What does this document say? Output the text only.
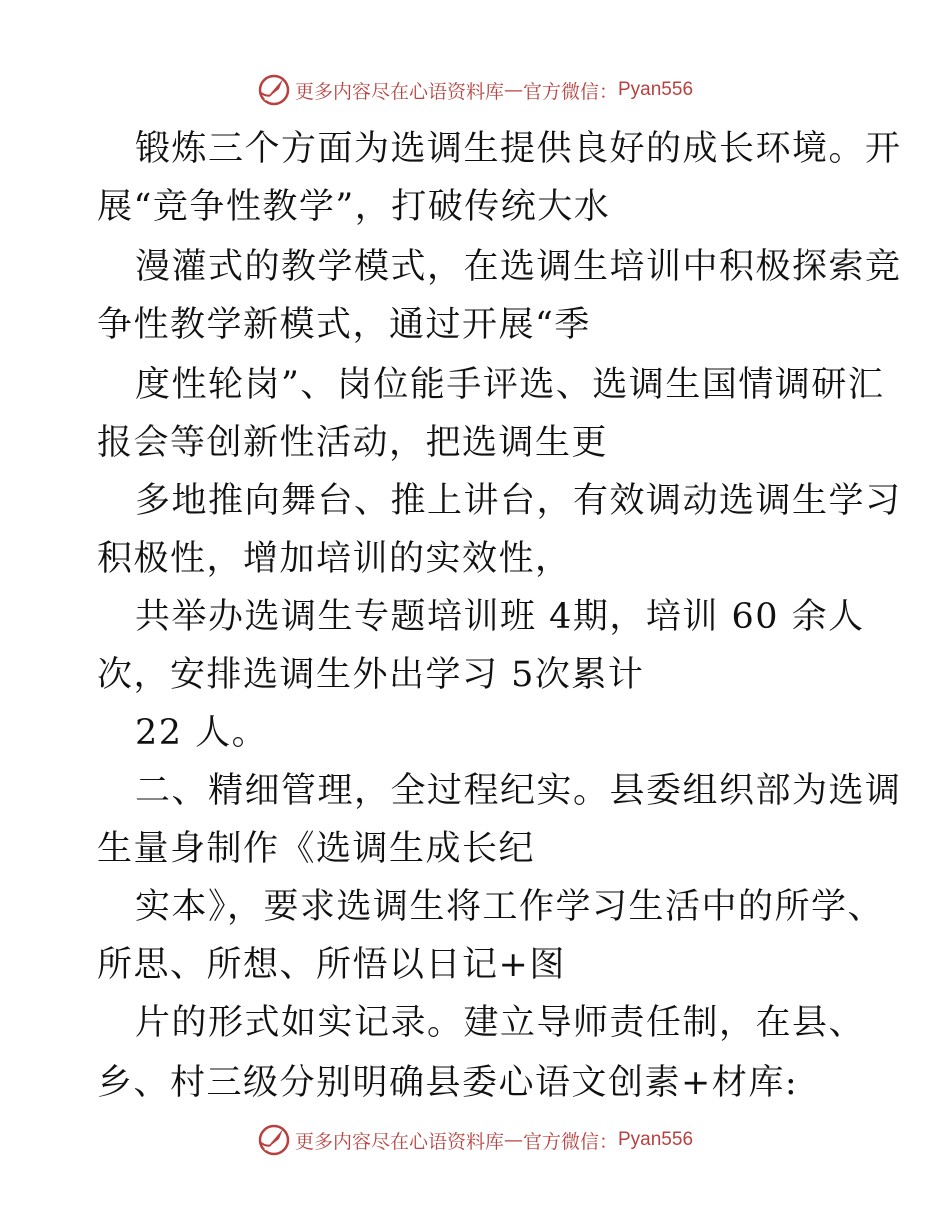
更多内容尽在心语资料库 — 官方微信： Pyan556
锻炼三个方面为选调生提供良好的成长环境。开
展“竞争性教学”，打破传统大水
漫灌式的教学模式，在选调生培训中积极探索竞
争性教学新模式，通过开展“季
度性轮岗”、岗位能手评选、选调生国情调研汇
报会等创新性活动，把选调生更
多地推向舞台、推上讲台，有效调动选调生学习
积极性，增加培训的实效性，
共举办选调生专题培训班 4期，培训 60 余人
次，安排选调生外出学习 5次累计
22 人。
二、精细管理，全过程纪实。县委组织部为选调
生量身制作《选调生成长纪
实本》，要求选调生将工作学习生活中的所学、
所思、所想、所悟以日记+图
片的形式如实记录。建立导师责任制，在县、
乡、村三级分别明确县委心语文创素+材库:
更多内容尽在心语资料库 — 官方微信： Pyan556
